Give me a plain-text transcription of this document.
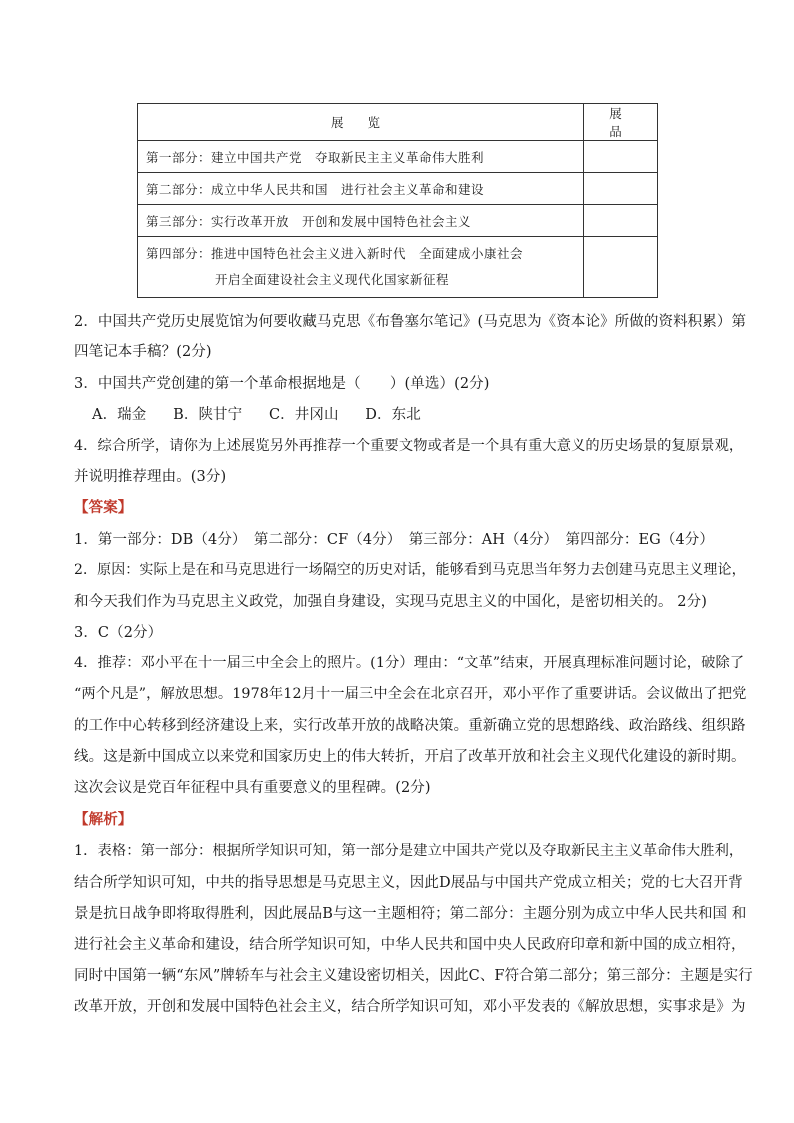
展 览	展 品
第一部分：建立中国共产党　夺取新民主主义革命伟大胜利	
第二部分：成立中华人民共和国　进行社会主义革命和建设	
第三部分：实行改革开放　开创和发展中国特色社会主义	
第四部分：推进中国特色社会主义进入新时代　全面建成小康社会

开启全面建设社会主义现代化国家新征程	

2．中国共产党历史展览馆为何要收藏马克思《布鲁塞尔笔记》(马克思为《资本论》所做的资料积累）第
四笔记本手稿？(2分)
3．中国共产党创建的第一个革命根据地是（　　）(单选）(2分)
A．瑞金 B．陕甘宁 C．井冈山 D．东北
4．综合所学，请你为上述展览另外再推荐一个重要文物或者是一个具有重大意义的历史场景的复原景观，
并说明推荐理由。(3分)
【答案】
1．第一部分：DB（4分）　第二部分：CF（4分）　第三部分：AH（4分）　第四部分：EG（4分）
2．原因：实际上是在和马克思进行一场隔空的历史对话，能够看到马克思当年努力去创建马克思主义理论，
和今天我们作为马克思主义政党，加强自身建设，实现马克思主义的中国化，是密切相关的。 2分)
3．C（2分）
4．推荐：邓小平在十一届三中全会上的照片。(1分）理由：“文革”结束，开展真理标准问题讨论，破除了
“两个凡是”，解放思想。1978年12月十一届三中全会在北京召开，邓小平作了重要讲话。会议做出了把党
的工作中心转移到经济建设上来，实行改革开放的战略决策。重新确立党的思想路线、政治路线、组织路
线。这是新中国成立以来党和国家历史上的伟大转折，开启了改革开放和社会主义现代化建设的新时期。
这次会议是党百年征程中具有重要意义的里程碑。(2分)
【解析】
1．表格：第一部分：根据所学知识可知，第一部分是建立中国共产党以及夺取新民主主义革命伟大胜利，
结合所学知识可知，中共的指导思想是马克思主义，因此D展品与中国共产党成立相关；党的七大召开背
景是抗日战争即将取得胜利，因此展品B与这一主题相符；第二部分：主题分别为成立中华人民共和国 和
进行社会主义革命和建设，结合所学知识可知，中华人民共和国中央人民政府印章和新中国的成立相符，
同时中国第一辆“东风”牌轿车与社会主义建设密切相关，因此C、F符合第二部分；第三部分：主题是实行
改革开放，开创和发展中国特色社会主义，结合所学知识可知，邓小平发表的《解放思想，实事求是》为
